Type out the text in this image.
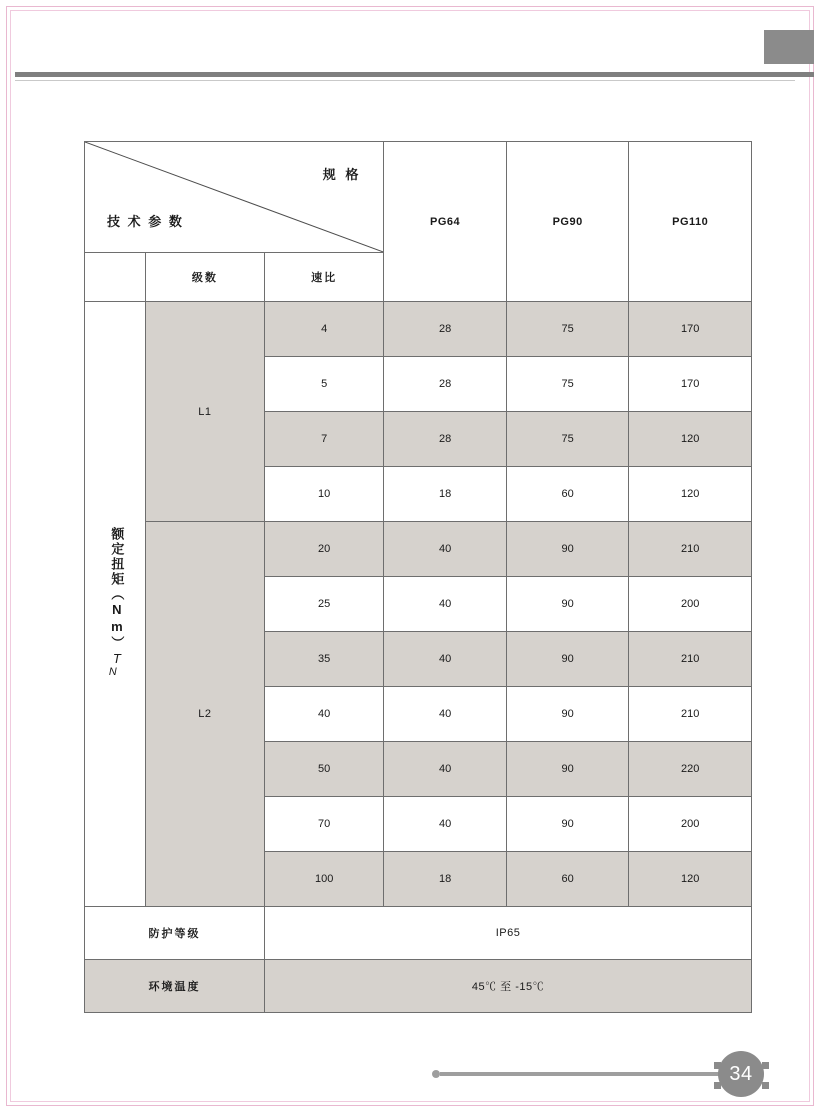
规 格
技 术 参 数			PG64	PG90	PG110
	级数	速比			
额定扭矩$(Nm)T_N$	L1	4	28	75	170
		5	28	75	170
		7	28	75	120
		10	18	60	120
	L2	20	40	90	210
		25	40	90	200
		35	40	90	210
		40	40	90	210
		50	40	90	220
		70	40	90	200
		100	18	60	120
防护等级		IP65			
环境温度		45℃ 至 -15℃			
34
